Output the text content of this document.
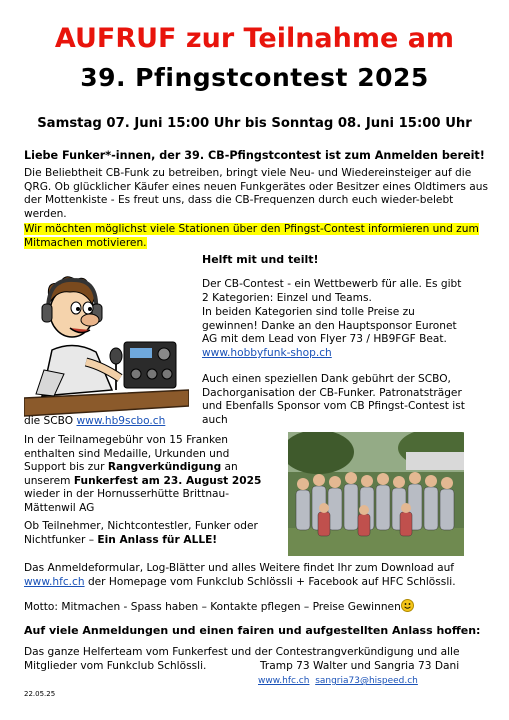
AUFRUF zur Teilnahme am
39. Pfingstcontest 2025
Samstag 07. Juni 15:00 Uhr bis Sonntag 08. Juni 15:00 Uhr
Liebe Funker*-innen, der 39. CB-Pfingstcontest ist zum Anmelden bereit!
Die Beliebtheit CB-Funk zu betreiben, bringt viele Neu- und Wiedereinsteiger auf die QRG. Ob glücklicher Käufer eines neuen Funkgerätes oder Besitzer eines Oldtimers aus der Mottenkiste - Es freut uns, dass die CB-Frequenzen durch euch wieder-belebt werden.
Wir möchten möglichst viele Stationen über den Pfingst-Contest informieren und zum
Mitmachen motivieren.
Helft mit und teilt!
Der CB-Contest - ein Wettbewerb für alle. Es gibt 2 Kategorien: Einzel und Teams.
In beiden Kategorien sind tolle Preise zu gewinnen! Danke an den Hauptsponsor Euronet AG mit dem Lead von Flyer 73 / HB9FGF Beat.
www.hobbyfunk-shop.ch
Auch einen speziellen Dank gebührt der SCBO, Dachorganisation der CB-Funker. Patronatsträger und Ebenfalls Sponsor vom CB Pfingst-Contest ist auch
die SCBO www.hb9scbo.ch
In der Teilnamegebühr von 15 Franken enthalten sind Medaille, Urkunden und Support bis zur Rangverkündigung an unserem Funkerfest am 23. August 2025 wieder in der Hornusserhütte Brittnau-Mättenwil AG
Ob Teilnehmer, Nichtcontestler, Funker oder Nichtfunker – Ein Anlass für ALLE!
Das Anmeldeformular, Log-Blätter und alles Weitere findet Ihr zum Download auf www.hfc.ch der Homepage vom Funkclub Schlössli + Facebook auf HFC Schlössli.
Motto: Mitmachen - Spass haben – Kontakte pflegen – Preise Gewinnen
Auf viele Anmeldungen und einen fairen und aufgestellten Anlass hoffen:
Das ganze Helferteam vom Funkerfest und der Contestrangverkündigung und alle
Mitglieder vom Funkclub Schlössli.	Tramp 73 Walter und Sangria 73 Dani
www.hfc.ch sangria73@hispeed.ch
22.05.25
